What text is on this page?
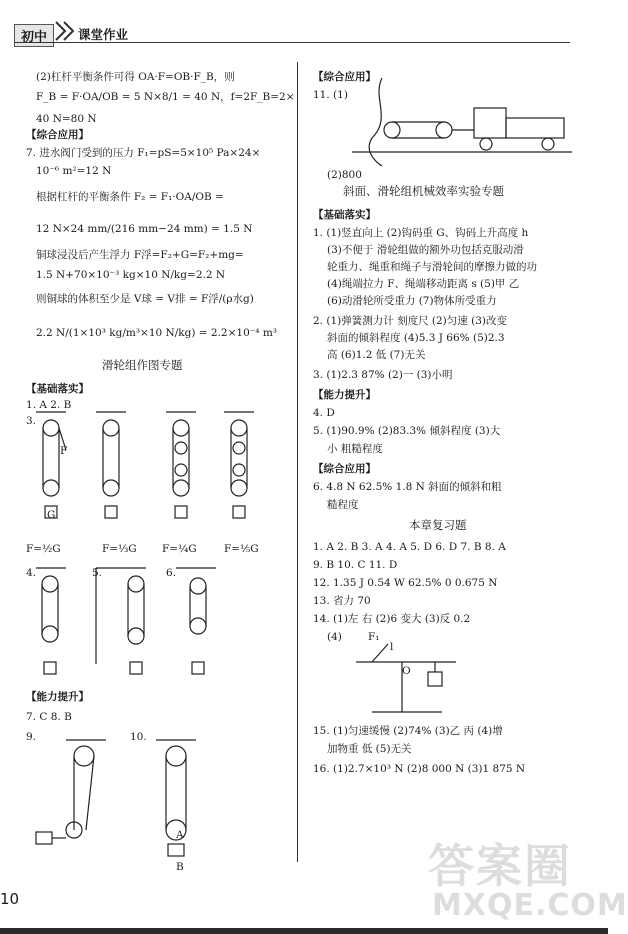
初中	课堂作业
(2)杠杆平衡条件可得 OA·F=OB·F_B，则
F_B = F·OA/OB = 5 N×8/1 = 40 N，f=2F_B=2×
40 N=80 N
【综合应用】
7. 进水阀门受到的压力 F₁=pS=5×10⁵ Pa×24×
10⁻⁶ m²=12 N
根据杠杆的平衡条件 F₂ = F₁·OA/OB =
12 N×24 mm/(216 mm−24 mm) = 1.5 N
铜球浸没后产生浮力 F浮=F₂+G=F₂+mg=
1.5 N+70×10⁻³ kg×10 N/kg=2.2 N
则铜球的体积至少是 V球 = V排 = F浮/(ρ水g)
2.2 N/(1×10³ kg/m³×10 N/kg) = 2.2×10⁻⁴ m³
滑轮组作图专题
【基础落实】
1. A 2. B
3.
F=½G	F=⅓G F=¼G	F=⅕G
4.	5.	6.
【能力提升】
7. C 8. B
9.	10.
【综合应用】
11. (1)
(2)800
斜面、滑轮组机械效率实验专题
【基础落实】
1. (1)竖直向上 (2)钩码重 G、钩码上升高度 h
(3)不便于 滑轮组做的额外功包括克服动滑
轮重力、绳重和绳子与滑轮间的摩擦力做的功
(4)绳端拉力 F、绳端移动距离 s (5)甲 乙
(6)动滑轮所受重力 (7)物体所受重力
2. (1)弹簧测力计 刻度尺 (2)匀速 (3)改变
斜面的倾斜程度 (4)5.3 J 66% (5)2.3
高 (6)1.2 低 (7)无关
3. (1)2.3 87% (2)一 (3)小明
【能力提升】
4. D
5. (1)90.9% (2)83.3% 倾斜程度 (3)大
小 粗糙程度
【综合应用】
6. 4.8 N 62.5% 1.8 N 斜面的倾斜和粗
糙程度
本章复习题
1. A 2. B 3. A 4. A 5. D 6. D 7. B 8. A
9. B 10. C 11. D
12. 1.35 J 0.54 W 62.5% 0 0.675 N
13. 省力 70
14. (1)左 右 (2)6 变大 (3)反 0.2
(4)
15. (1)匀速缓慢 (2)74% (3)乙 丙 (4)增
加物重 低 (5)无关
16. (1)2.7×10³ N (2)8 000 N (3)1 875 N
F
G
A
B
O
l
F₁
10
答案圈
MXQE.COM
